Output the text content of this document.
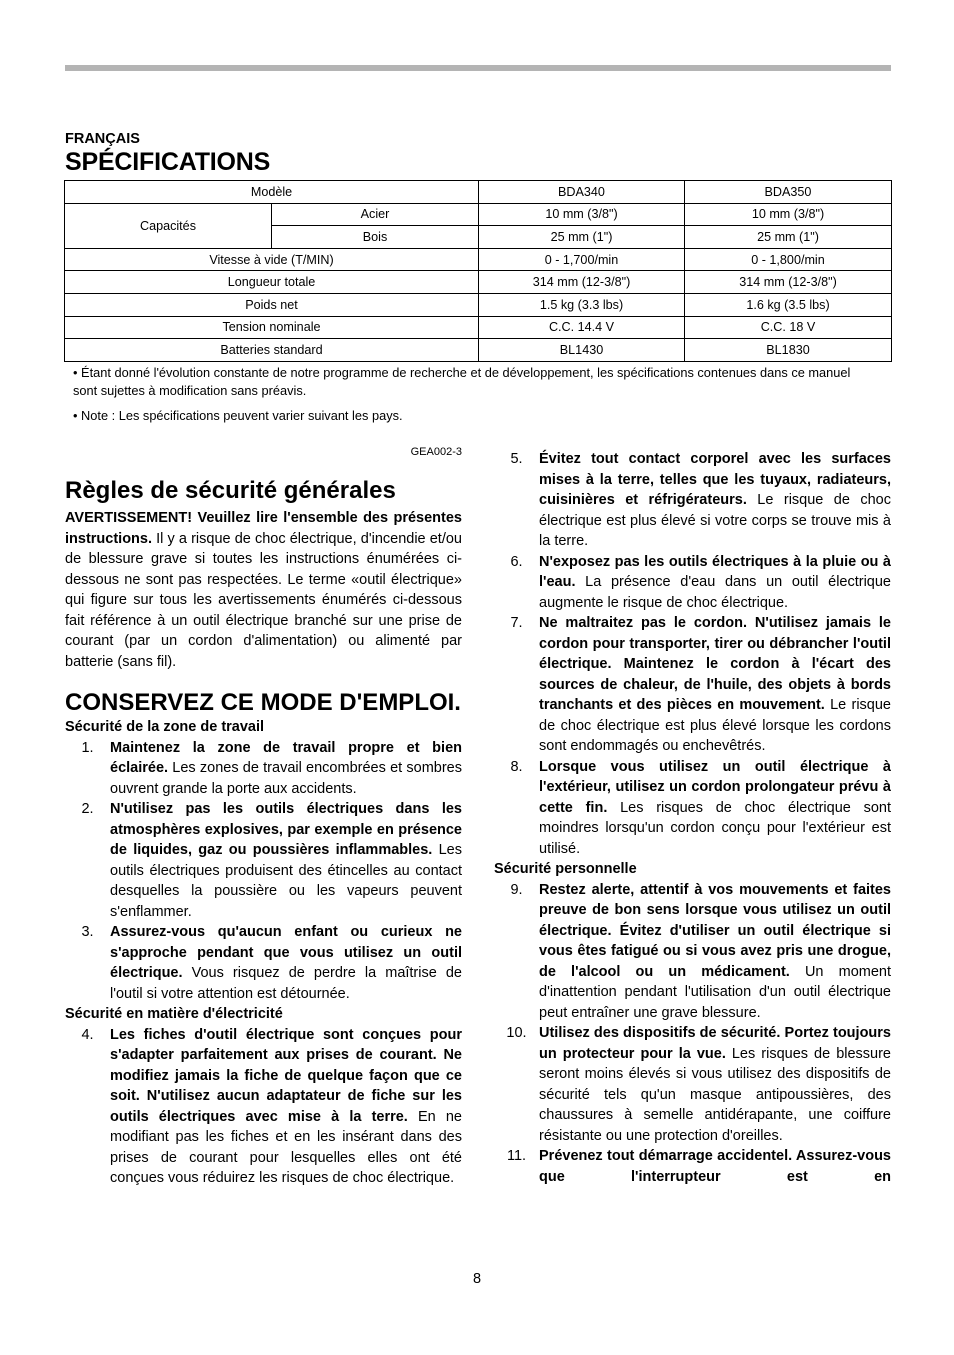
FRANÇAIS
SPÉCIFICATIONS
Modèle		BDA340	BDA350
Capacités	Acier	10 mm (3/8")	10 mm (3/8")
	Bois	25 mm (1")	25 mm (1")
Vitesse à vide (T/MIN)		0 - 1,700/min	0 - 1,800/min
Longueur totale		314 mm (12-3/8")	314 mm (12-3/8")
Poids net		1.5 kg (3.3 lbs)	1.6 kg (3.5 lbs)
Tension nominale		C.C. 14.4 V	C.C. 18 V
Batteries standard		BL1430	BL1830

• Étant donné l'évolution constante de notre programme de recherche et de développement, les spécifications contenues dans ce manuel sont sujettes à modification sans préavis.

• Note : Les spécifications peuvent varier suivant les pays.

GEA002-3
Règles de sécurité générales

AVERTISSEMENT! Veuillez lire l'ensemble des présentes instructions. Il y a risque de choc électrique, d'incendie et/ou de blessure grave si toutes les instructions énumérées ci-dessous ne sont pas respectées. Le terme «outil électrique» qui figure sur tous les avertissements énumérés ci-dessous fait référence à un outil électrique branché sur une prise de courant (par un cordon d'alimentation) ou alimenté par batterie (sans fil).

CONSERVEZ CE MODE D'EMPLOI.

Sécurité de la zone de travail

1.	Maintenez la zone de travail propre et bien éclairée. Les zones de travail encombrées et sombres ouvrent grande la porte aux accidents.
2.	N'utilisez pas les outils électriques dans les atmosphères explosives, par exemple en présence de liquides, gaz ou poussières inflammables. Les outils électriques produisent des étincelles au contact desquelles la poussière ou les vapeurs peuvent s'enflammer.
3.	Assurez-vous qu'aucun enfant ou curieux ne s'approche pendant que vous utilisez un outil électrique. Vous risquez de perdre la maîtrise de l'outil si votre attention est détournée.

Sécurité en matière d'électricité

4.	Les fiches d'outil électrique sont conçues pour s'adapter parfaitement aux prises de courant. Ne modifiez jamais la fiche de quelque façon que ce soit. N'utilisez aucun adaptateur de fiche sur les outils électriques avec mise à la terre. En ne modifiant pas les fiches et en les insérant dans des prises de courant pour lesquelles elles ont été conçues vous réduirez les risques de choc électrique.
5.	Évitez tout contact corporel avec les surfaces mises à la terre, telles que les tuyaux, radiateurs, cuisinières et réfrigérateurs. Le risque de choc électrique est plus élevé si votre corps se trouve mis à la terre.
6.	N'exposez pas les outils électriques à la pluie ou à l'eau. La présence d'eau dans un outil électrique augmente le risque de choc électrique.
7.	Ne maltraitez pas le cordon. N'utilisez jamais le cordon pour transporter, tirer ou débrancher l'outil électrique. Maintenez le cordon à l'écart des sources de chaleur, de l'huile, des objets à bords tranchants et des pièces en mouvement. Le risque de choc électrique est plus élevé lorsque les cordons sont endommagés ou enchevêtrés.
8.	Lorsque vous utilisez un outil électrique à l'extérieur, utilisez un cordon prolongateur prévu à cette fin. Les risques de choc électrique sont moindres lorsqu'un cordon conçu pour l'extérieur est utilisé.

Sécurité personnelle

9.	Restez alerte, attentif à vos mouvements et faites preuve de bon sens lorsque vous utilisez un outil électrique. Évitez d'utiliser un outil électrique si vous êtes fatigué ou si vous avez pris une drogue, de l'alcool ou un médicament. Un moment d'inattention pendant l'utilisation d'un outil électrique peut entraîner une grave blessure.
10. Utilisez des dispositifs de sécurité. Portez toujours un protecteur pour la vue. Les risques de blessure seront moins élevés si vous utilisez des dispositifs de sécurité tels qu'un masque antipoussières, des chaussures à semelle antidérapante, une coiffure résistante ou une protection d'oreilles.
11. Prévenez tout démarrage accidentel. Assurez-vous que l'interrupteur est en
8
